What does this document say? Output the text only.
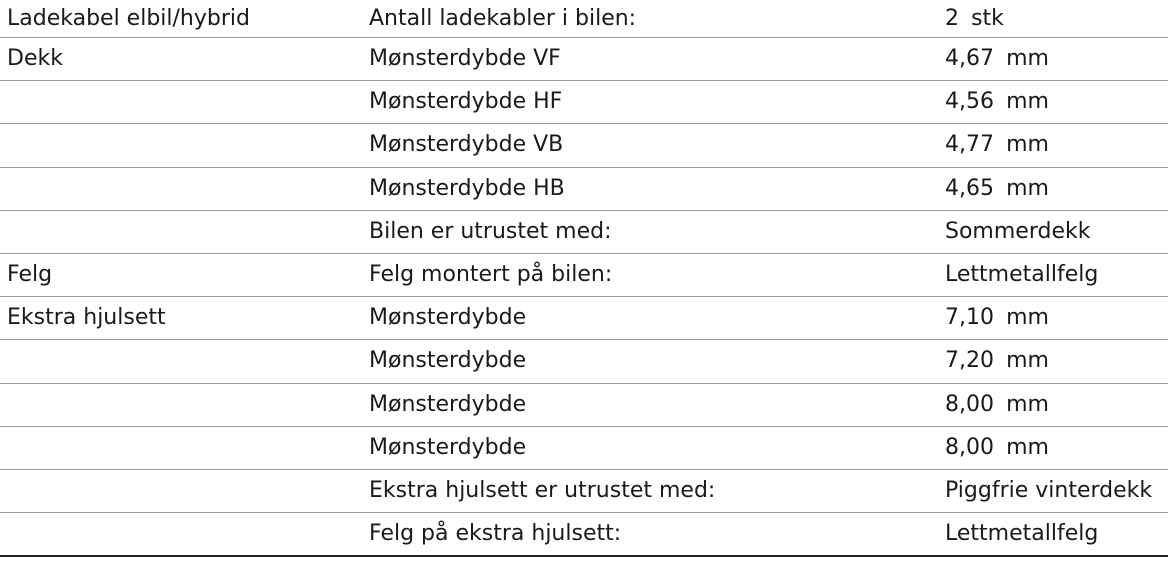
Ladekabel elbil/hybrid	Antall ladekabler i bilen:	2 stk
Dekk	Mønsterdybde VF	4,67 mm
	Mønsterdybde HF	4,56 mm
	Mønsterdybde VB	4,77 mm
	Mønsterdybde HB	4,65 mm
	Bilen er utrustet med:	Sommerdekk
Felg	Felg montert på bilen:	Lettmetallfelg
Ekstra hjulsett	Mønsterdybde	7,10 mm
	Mønsterdybde	7,20 mm
	Mønsterdybde	8,00 mm
	Mønsterdybde	8,00 mm
	Ekstra hjulsett er utrustet med:	Piggfrie vinterdekk
	Felg på ekstra hjulsett:	Lettmetallfelg
